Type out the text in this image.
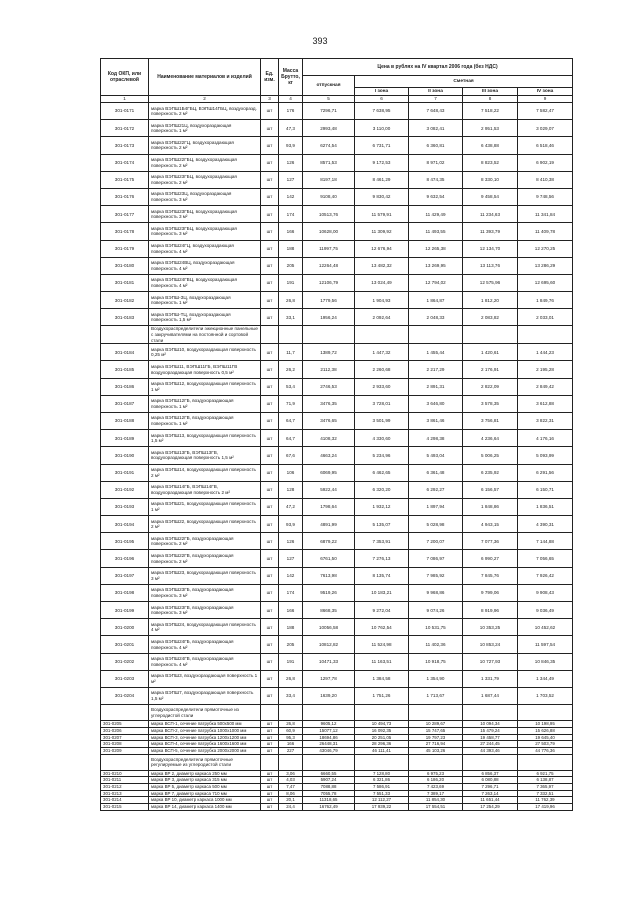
393
Код ОКП, или отраслевой	Наименование материалов и изделий	Ед. изм.	Масса Брутто, кг	Цена в рублях на IV квартал 2006 года (без НДС)				
				отпускная	Сметная			
					I зона	II зона	III зона	IV зона
1	2	3	4	5	6	7	8	9
301-0171	марка ВЭПШ1Б4ГБЦ, ВЭПШ14ГБЦ, воздухоразд. поверхность 2 м²	шт	176	7296,71	7 638,95	7 648,43	7 518,22	7 582,47
301-0172	марка ВЭПШ21Ц, воздухораздающая поверхность 1 м²	шт	47,3	2993,48	3 110,00	3 082,41	2 951,53	3 029,07
301-0173	марка ВЭПШ22ГЦ, воздухораздающая поверхность 2 м²	шт	93,9	6274,54	6 731,71	6 360,81	6 438,88	6 518,46
301-0174	марка ВЭПШ22ГБЦ, воздухораздающая поверхность 2 м²	шт	126	8571,53	9 172,53	8 971,02	8 823,52	6 902,19
301-0175	марка ВЭПШ23ГБЦ, воздухораздающая поверхность 2 м²	шт	127	8197,18	8 461,29	8 474,35	8 330,10	8 410,38
301-0176	марка ВЭПШ23Ц, воздухораздающая поверхность 3 м²	шт	142	9108,40	9 830,42	9 632,54	9 458,54	9 748,56
301-0177	марка ВЭПШ23ГБЦ, воздухораздающая поверхность 3 м²	шт	174	10513,76	11 579,91	11 429,49	11 234,63	11 341,84
301-0178	марка ВЭПШ23ГБЦ, воздухораздающая поверхность 3 м²	шт	166	10628,00	11 309,92	11 493,55	11 393,79	11 409,78
301-0179	марка ВЭПШ24ГЦ, воздухораздающая поверхность 4 м²	шт	188	11997,75	12 676,94	12 265,38	12 134,70	12 270,25
301-0180	марка ВЭПШ24ВЦ, воздухораздающая поверхность 4 м²	шт	205	12264,48	13 482,32	13 269,95	13 113,76	13 286,29
301-0181	марка ВЭПШ24ГВЦ, воздухораздающая поверхность 4 м²	шт	191	12106,79	13 024,49	12 794,02	12 575,96	12 695,60
301-0182	марка ВЭПШ-ЗЦ, воздухораздающая поверхность 1 м²	шт	26,8	1779,56	1 904,93	1 864,87	1 812,20	1 849,76
301-0183	марка ВЭПШ-ТЦ, воздухораздающая поверхность 1,5 м²	шт	33,1	1956,24	2 092,64	2 048,33	2 083,82	2 033,01
	Воздухораспределители эжекционные панельные с закручивателями на постоянной и сортовой стали							
301-0184	марка ВЭПШ10, воздухораздающая поверхность 0,25 м²	шт	11,7	1389,72	1 447,32	1 455,44	1 420,61	1 444,23
301-0185	марка ВЭПШ11, ВЭПШ11ГБ, ВЭПШ11ГВ воздухораздающая поверхность 0,5 м²	шт	26,2	2112,38	2 260,68	2 217,29	2 176,91	2 195,28
301-0186	марка ВЭПШ12, воздухораздающая поверхность 1 м²	шт	53,4	2746,53	2 933,60	2 891,31	2 822,09	2 849,42
301-0187	марка ВЭПШ12ГБ, воздухораздающая поверхность 1 м²	шт	71,9	3476,35	3 728,01	3 646,80	3 578,35	3 612,88
301-0188	марка ВЭПШ12ГВ, воздухораздающая поверхность 1 м²	шт	64,7	3476,65	3 501,99	3 861,46	3 756,81	3 822,31
301-0189	марка ВЭПШ13, воздухораздающая поверхность 1,5 м²	шт	64,7	4108,32	4 330,60	4 298,38	4 236,64	4 176,16
301-0190	марка ВЭПШ13ГБ, ВЭПШ13ГВ, воздухораздающая поверхность 1,5 м²	шт	67,6	4663,24	5 234,96	5 493,04	5 006,25	5 093,99
301-0191	марка ВЭПШ14, воздухораздающая поверхность 2 м²	шт	106	6069,95	6 462,65	6 361,48	6 235,92	6 291,56
301-0192	марка ВЭПШ14ГБ, ВЭПШ14ГВ, воздухораздающая поверхность 2 м²	шт	128	5922,44	6 320,20	6 292,27	6 156,57	6 150,71
301-0193	марка ВЭПШ21, воздухораздающая поверхность 1 м²	шт	47,2	1798,64	1 932,12	1 897,94	1 848,86	1 836,51
301-0194	марка ВЭПШ22, воздухораздающая поверхность 2 м²	шт	93,9	4891,99	5 135,07	5 028,98	4 943,15	4 390,31
301-0195	марка ВЭПШ22ГБ, воздухораздающая поверхность 2 м²	шт	126	6879,22	7 353,91	7 200,07	7 077,36	7 144,88
301-0196	марка ВЭПШ22ГВ, воздухораздающая поверхность 2 м²	шт	127	6761,50	7 276,13	7 086,97	6 990,27	7 056,65
301-0197	марка ВЭПШ23, воздухораздающая поверхность 3 м²	шт	142	7613,98	8 135,74	7 985,92	7 845,76	7 926,42
301-0198	марка ВЭПШ23ГБ, воздухораздающая поверхность 3 м²	шт	174	9519,26	10 183,21	9 968,86	9 799,06	9 908,43
301-0199	марка ВЭПШ23ГВ, воздухораздающая поверхность 3 м²	шт	166	8668,35	9 272,04	9 074,26	8 919,96	9 036,49
301-0200	марка ВЭПШ24, воздухораздающая поверхность 4 м²	шт	188	10056,58	10 762,54	10 531,75	10 353,25	10 452,62
301-0201	марка ВЭПШ24ГБ, воздухораздающая поверхность 4 м²	шт	205	10812,82	11 524,98	11 402,36	10 853,24	11 597,54
301-0202	марка ВЭПШ24ГВ, воздухораздающая поверхность 4 м²	шт	191	10471,33	11 163,51	10 918,75	10 727,93	10 846,35
301-0203	марка ВЭПШ3, воздухораздающая поверхность 1 м²	шт	26,8	1297,78	1 384,58	1 354,90	1 331,79	1 344,49
301-0204	марка ВЭПШ7, воздухораздающая поверхность 1,5 м²	шт	33,4	1639,20	1 751,26	1 713,67	1 687,44	1 703,52
	Воздухораспределители прямоточные из углеродистой стали							
301-0205	марка ВСП-1, сечение патрубка 500х500 мм	шт	26,8	9605,12	10 494,73	10 289,67	10 094,34	10 198,95
301-0206	марка ВСП-2, сечение патрубка 1000х1000 мм	шт	60,9	15077,12	16 092,35	15 747,65	15 479,24	15 626,88
301-0207	марка ВСП-3, сечение патрубка 1200х1200 мм	шт	95,3	18694,86	20 251,05	19 797,23	19 458,77	19 645,40
301-0208	марка ВСП-4, сечение патрубка 1600х1600 мм	шт	166	26448,31	28 296,36	27 716,94	27 244,45	27 503,79
301-0209	марка ВСП-5, сечение патрубка 2000х2000 мм	шт	227	43046,79	46 111,41	45 103,26	44 393,46	44 776,36
	Воздухораспределители прямоточные регулируемые из углеродистой стали							
301-0210	марка ВР 2, диаметр каркаса 250 мм	шт	3,06	6660,55	7 128,80	6 975,23	6 856,37	6 921,75
301-0211	марка ВР 3, диаметр каркаса 315 мм	шт	4,03	5907,24	6 321,86	6 186,20	6 080,88	6 138,87
301-0212	марка ВР 5, диаметр каркаса 500 мм	шт	7,47	7088,88	7 586,91	7 423,69	7 296,71	7 365,97
301-0213	марка ВР 7, диаметр каркаса 710 мм	шт	8,06	7055,78	7 551,33	7 389,17	7 263,14	7 332,51
301-0214	марка ВР 10, диаметр каркаса 1000 мм	шт	20,1	11318,65	12 112,27	11 854,30	11 651,44	11 762,39
301-0215	марка ВР 14, диаметр каркаса 1400 мм	шт	24,4	16762,49	17 939,22	17 554,51	17 254,29	17 419,96
